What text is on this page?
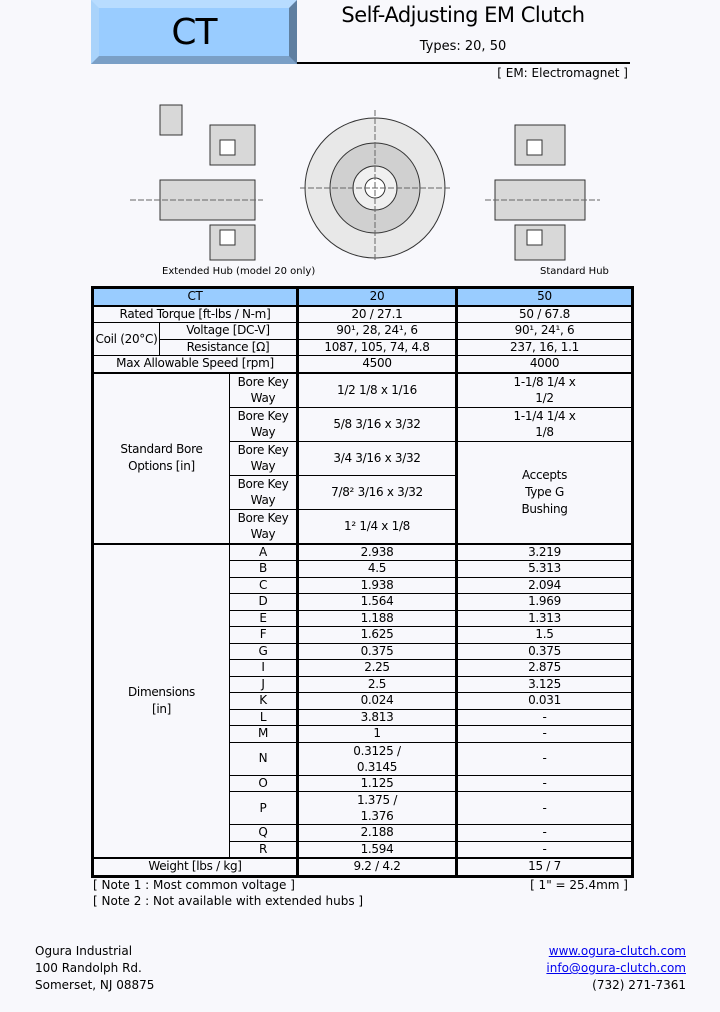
CT	Self-Adjusting EM Clutch
Types: 20, 50
[ EM: Electromagnet ]
Extended Hub (model 20 only)	Standard Hub
CT			20	50
Rated Torque [ft-lbs / N-m]			20 / 27.1	50 / 67.8
Coil (20°C)	Voltage [DC-V]		90¹, 28, 24¹, 6	90¹, 24¹, 6
	Resistance [Ω]		1087, 105, 74, 4.8	237, 16, 1.1
Max Allowable Speed [rpm]			4500	4000
Standard Bore Options [in]		Bore Key Way	1/2 1/8 x 1/16	1-1/8 1/4 x 1/2
		Bore Key Way	5/8 3/16 x 3/32	1-1/4 1/4 x 1/8
		Bore Key Way	3/4 3/16 x 3/32	Accepts Type G Bushing
		Bore Key Way	7/8² 3/16 x 3/32	
		Bore Key Way	1² 1/4 x 1/8	
Dimensions [in]		A	2.938	3.219
		B	4.5	5.313
		C	1.938	2.094
		D	1.564	1.969
		E	1.188	1.313
		F	1.625	1.5
		G	0.375	0.375
		I	2.25	2.875
		J	2.5	3.125
		K	0.024	0.031
		L	3.813	-
		M	1	-
		N	0.3125 / 0.3145	-
		O	1.125	-
		P	1.375 / 1.376	-
		Q	2.188	-
		R	1.594	-
Weight [lbs / kg]			9.2 / 4.2	15 / 7
[ Note 1 : Most common voltage ]
[ Note 2 : Not available with extended hubs ]
[ 1" = 25.4mm ]
Ogura Industrial
100 Randolph Rd.
Somerset, NJ 08875
www.ogura-clutch.com
info@ogura-clutch.com
(732) 271-7361
